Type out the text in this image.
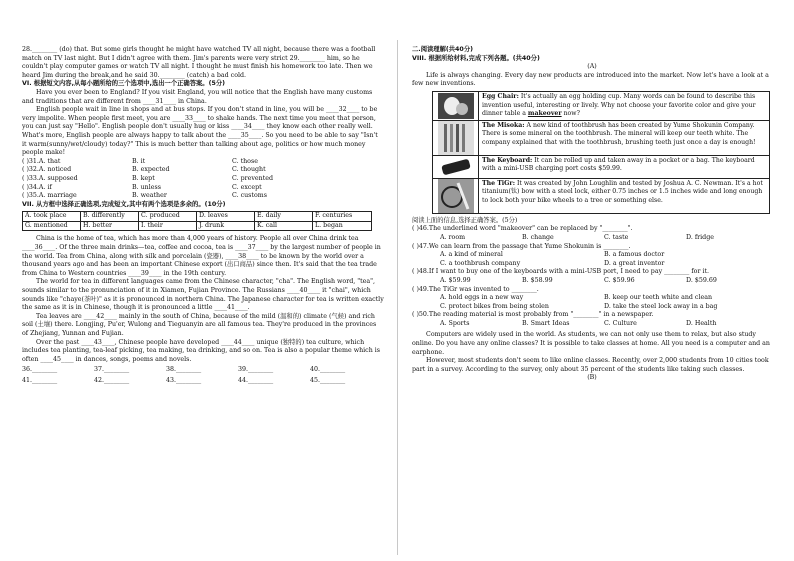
28.________ (do) that. But some girls thought he might have watched TV all night, because there was a football match on TV last night. But I didn't agree with them. Jim's parents were very strict 29.________ him, so he couldn't play computer games or watch TV all night. I thought he must finish his homework too late. Then we heard Jim during the break,and he said 30.________ (catch) a bad cold.

VI. 根据短文内容,从每小题所给的三个选项中,选出一个正确答案。(5分)

Have you ever been to England? If you visit England, you will notice that the English have many customs and traditions that are different from ____31____ in China.

English people wait in line in shops and at bus stops. If you don't stand in line, you will be ____32____ to be very impolite. When people first meet, you are ____33____ to shake hands. The next time you meet that person, you can just say "Hello". English people don't usually hug or kiss ____34____ they know each other really well. What's more, English people are always happy to talk about the ____35____. So you need to be able to say "Isn't it warm(sunny/wet/cloudy) today?" This is much better than talking about age, politics or how much money people make!

( )31.A. that	B. it	C. those
( )32.A. noticed	B. expected	C. thought
( )33.A. supposed	B. kept	C. prevented
( )34.A. if	B. unless	C. except
( )35.A. marriage	B. weather	C. customs

VII. 从方框中选择正确选项,完成短文,其中有两个选项是多余的。(10分)

A. took place	B. differently	C. produced	D. leaves	E. daily	F. centuries
G. mentioned	H. better	I. their	J. drunk	K. call	L. began

China is the home of tea, which has more than 4,000 years of history. People all over China drink tea ____36____. Of the three main drinks—tea, coffee and cocoa, tea is ____37____ by the largest number of people in the world. Tea from China, along with silk and porcelain (瓷器), ____38____ to be known by the world over a thousand years ago and has been an important Chinese export (出口商品) since then. It's said that the tea trade from China to Western countries ____39____ in the 19th century.

The world for tea in different languages came from the Chinese character, "cha". The English word, "tea", sounds similar to the pronunciation of it in Xiamen, Fujian Province. The Russians ____40____ it "chai", which sounds like "chaye(茶叶)" as it is pronounced in northern China. The Japanese character for tea is written exactly the same as it is in Chinese, though it is pronounced a little ____41____.

Tea leaves are ____42____ mainly in the south of China, because of the mild (温和的) climate (气候) and rich soil (土壤) there. Longjing, Pu'er, Wulong and Tieguanyin are all famous tea. They're produced in the provinces of Zhejiang, Yunnan and Fujian.

Over the past ____43____, Chinese people have developed ____44____ unique (独特的) tea culture, which includes tea planting, tea-leaf picking, tea making, tea drinking, and so on. Tea is also a popular theme which is often ____45____ in dances, songs, poems and novels.

36.________	37.________	38.________	39.________	40.________
41.________	42.________	43.________	44.________	45.________

二.阅读理解(共40分)

VIII. 根据所给材料,完成下列各题。(共40分)

(A)

Life is always changing. Every day new products are introduced into the market. Now let's have a look at a few new inventions.

Egg Chair: It's actually an egg holding cup. Many words can be found to describe this invention useful, interesting or lively. Why not choose your favorite color and give your dinner table a makeover now?
The Misoka: A new kind of toothbrush has been created by Yume Shokunin Company. There is some mineral on the toothbrush. The mineral will keep our teeth white. The company explained that with the toothbrush, brushing teeth just once a day is enough!
The Keyboard: It can be rolled up and taken away in a pocket or a bag. The keyboard with a mini-USB charging port costs $59.99.
The TiGr: It was created by John Loughlin and tested by Joshua A. C. Newman. It's a hot titanium(钛) bow with a steel lock, either 0.75 inches or 1.5 inches wide and long enough to lock both your bike wheels to a tree or something else.

阅读上面的信息,选择正确答案。(5分)

( )46.The underlined word "makeover" can be replaced by "________".

A. room	B. change	C. taste	D. fridge

( )47.We can learn from the passage that Yume Shokunin is ________.

A. a kind of mineral	B. a famous doctor
C. a toothbrush company	D. a great inventor

( )48.If I want to buy one of the keyboards with a mini-USB port, I need to pay ________ for it.

A. $59.99	B. $58.99	C. $59.96	D. $59.69

( )49.The TiGr was invented to ________.

A. hold eggs in a new way	B. keep our teeth white and clean
C. protect bikes from being stolen	D. take the steel lock away in a bag

( )50.The reading material is most probably from "________" in a newspaper.

A. Sports	B. Smart Ideas	C. Culture	D. Health

Computers are widely used in the world. As students, we can not only use them to relax, but also study online. Do you have any online classes? It is possible to take classes at home. All you need is a computer and an earphone.

However, most students don't seem to like online classes. Recently, over 2,000 students from 10 cities took part in a survey. According to the survey, only about 35 percent of the students like taking such classes.

(B)
